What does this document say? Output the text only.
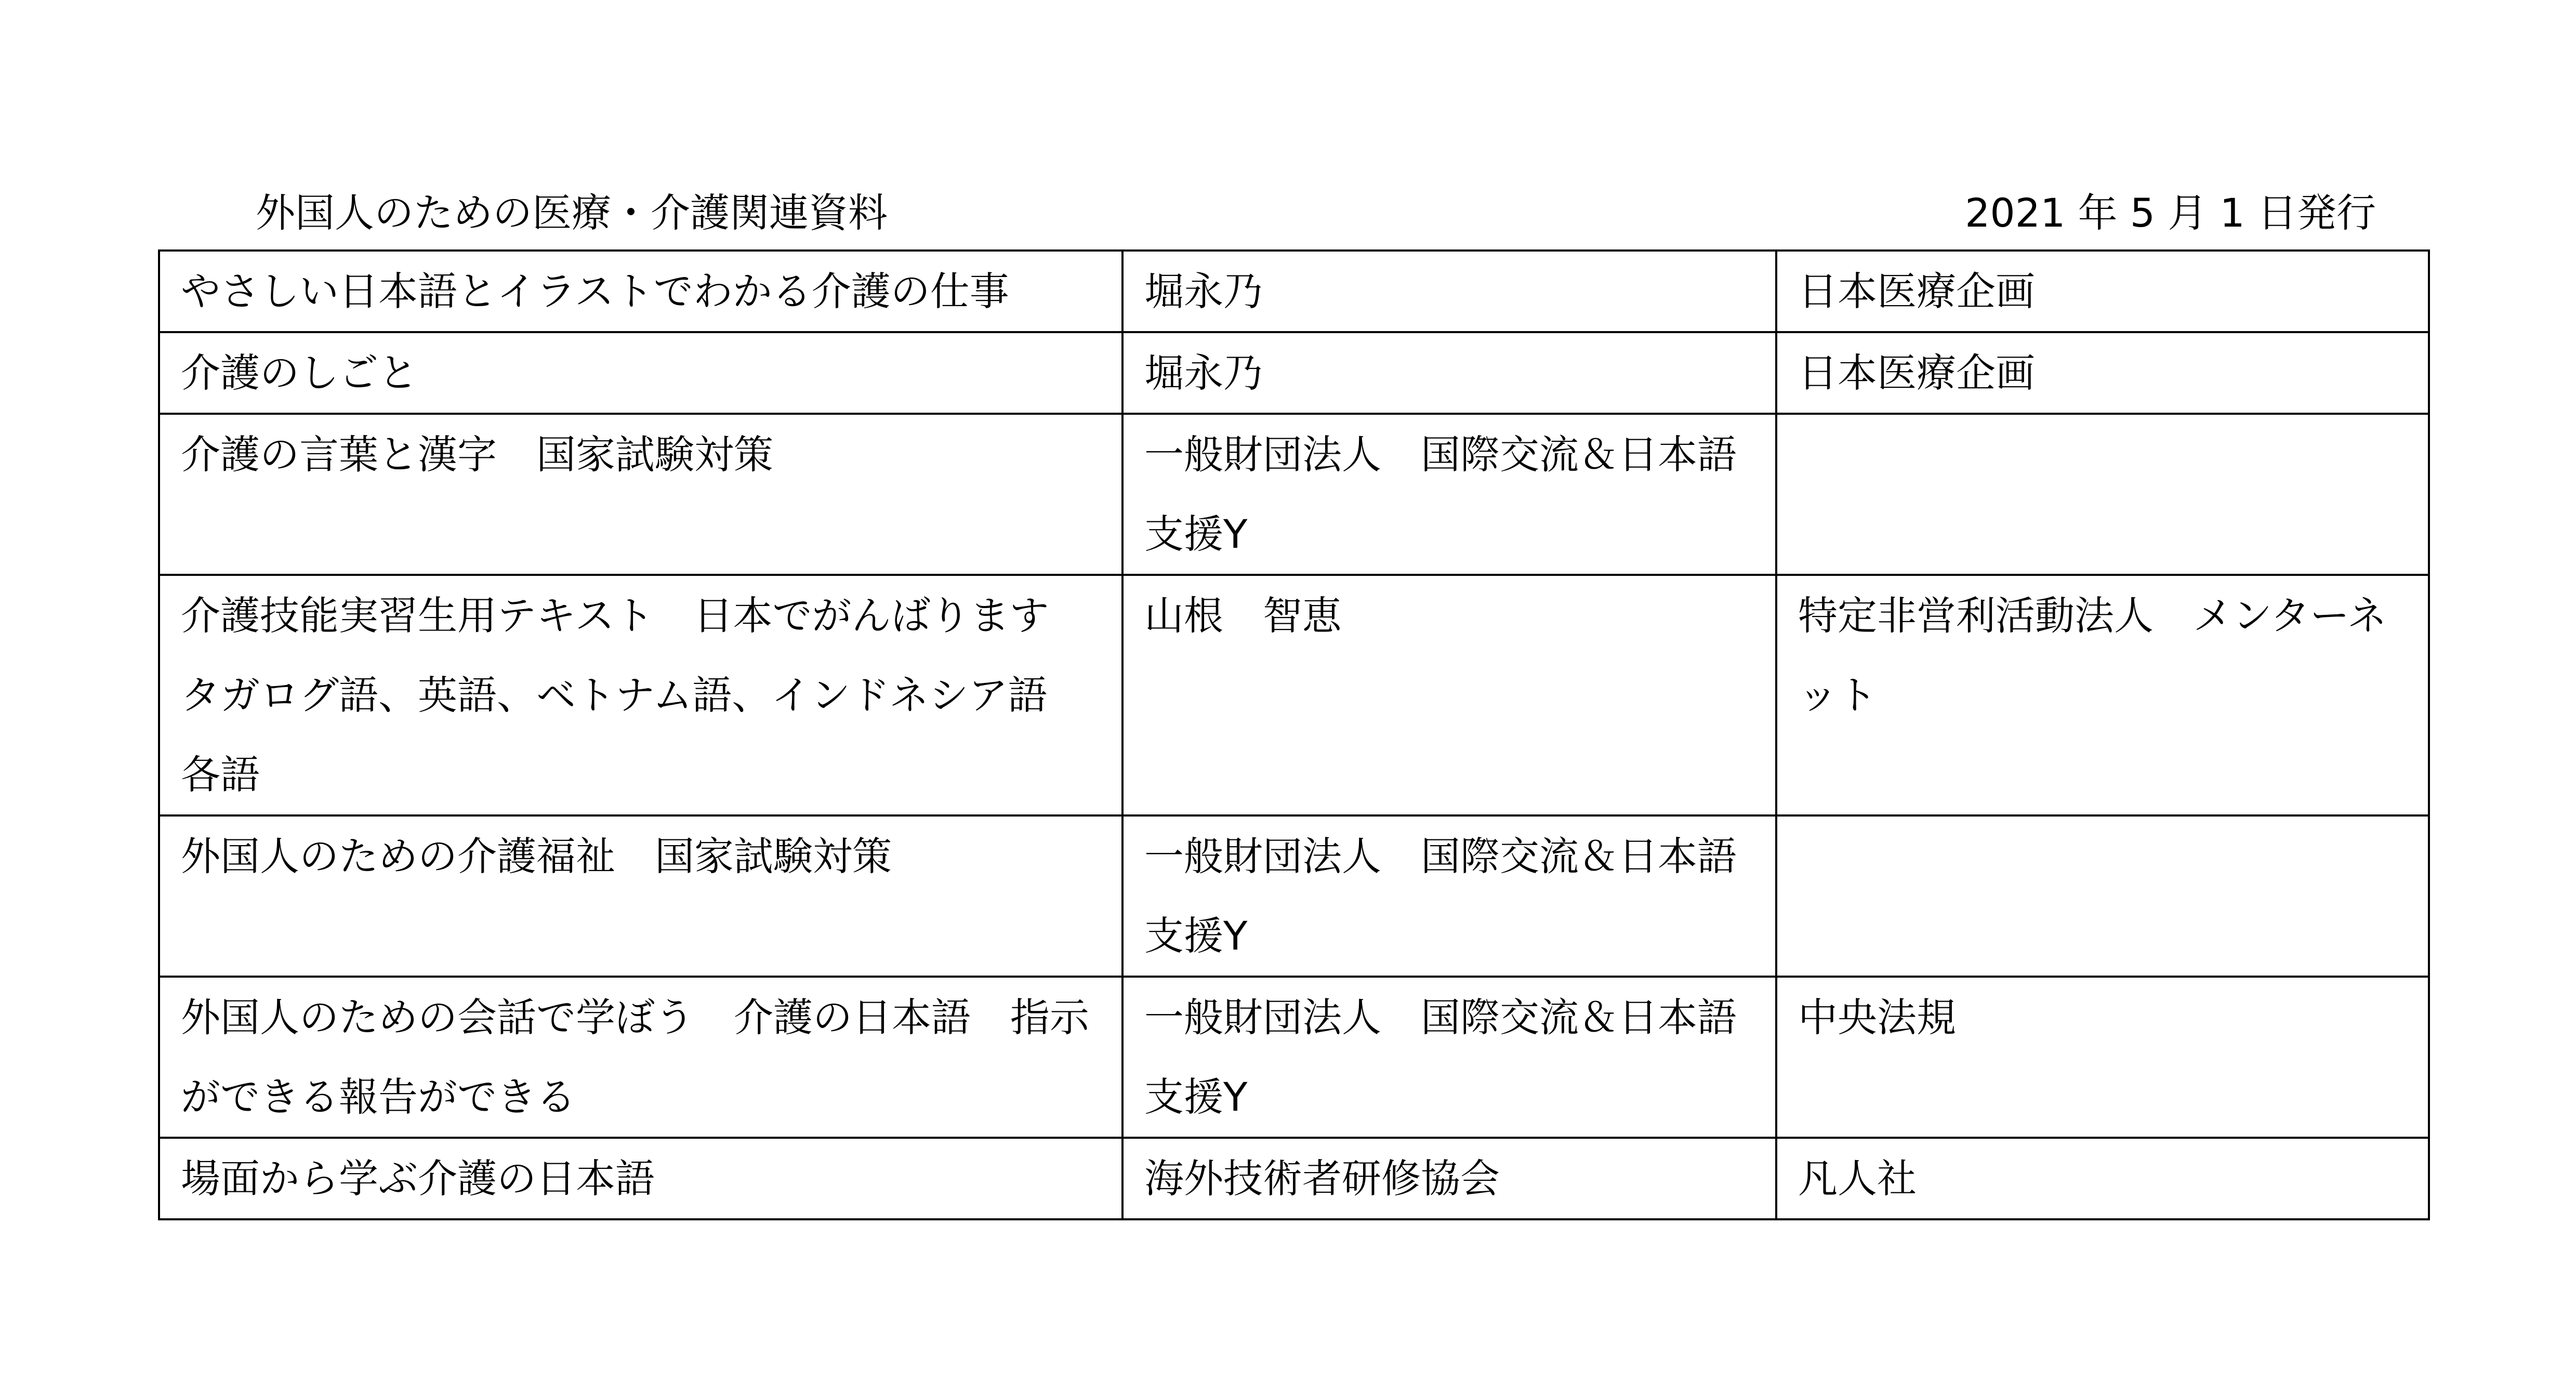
外国人のための医療・介護関連資料	2021 年 5 月 1 日発行
やさしい日本語とイラストでわかる介護の仕事	堀永乃	日本医療企画
介護のしごと	堀永乃	日本医療企画
介護の言葉と漢字　国家試験対策	一般財団法人　国際交流＆日本語支援Y	
介護技能実習生用テキスト　日本でがんばります　 タガログ語、英語、ベトナム語、インドネシア語　各語	山根　智恵	特定非営利活動法人　メンターネット
外国人のための介護福祉　国家試験対策	一般財団法人　国際交流＆日本語支援Y	
外国人のための会話で学ぼう　介護の日本語　指示ができる報告ができる	一般財団法人　国際交流＆日本語支援Y	中央法規
場面から学ぶ介護の日本語	海外技術者研修協会	凡人社
